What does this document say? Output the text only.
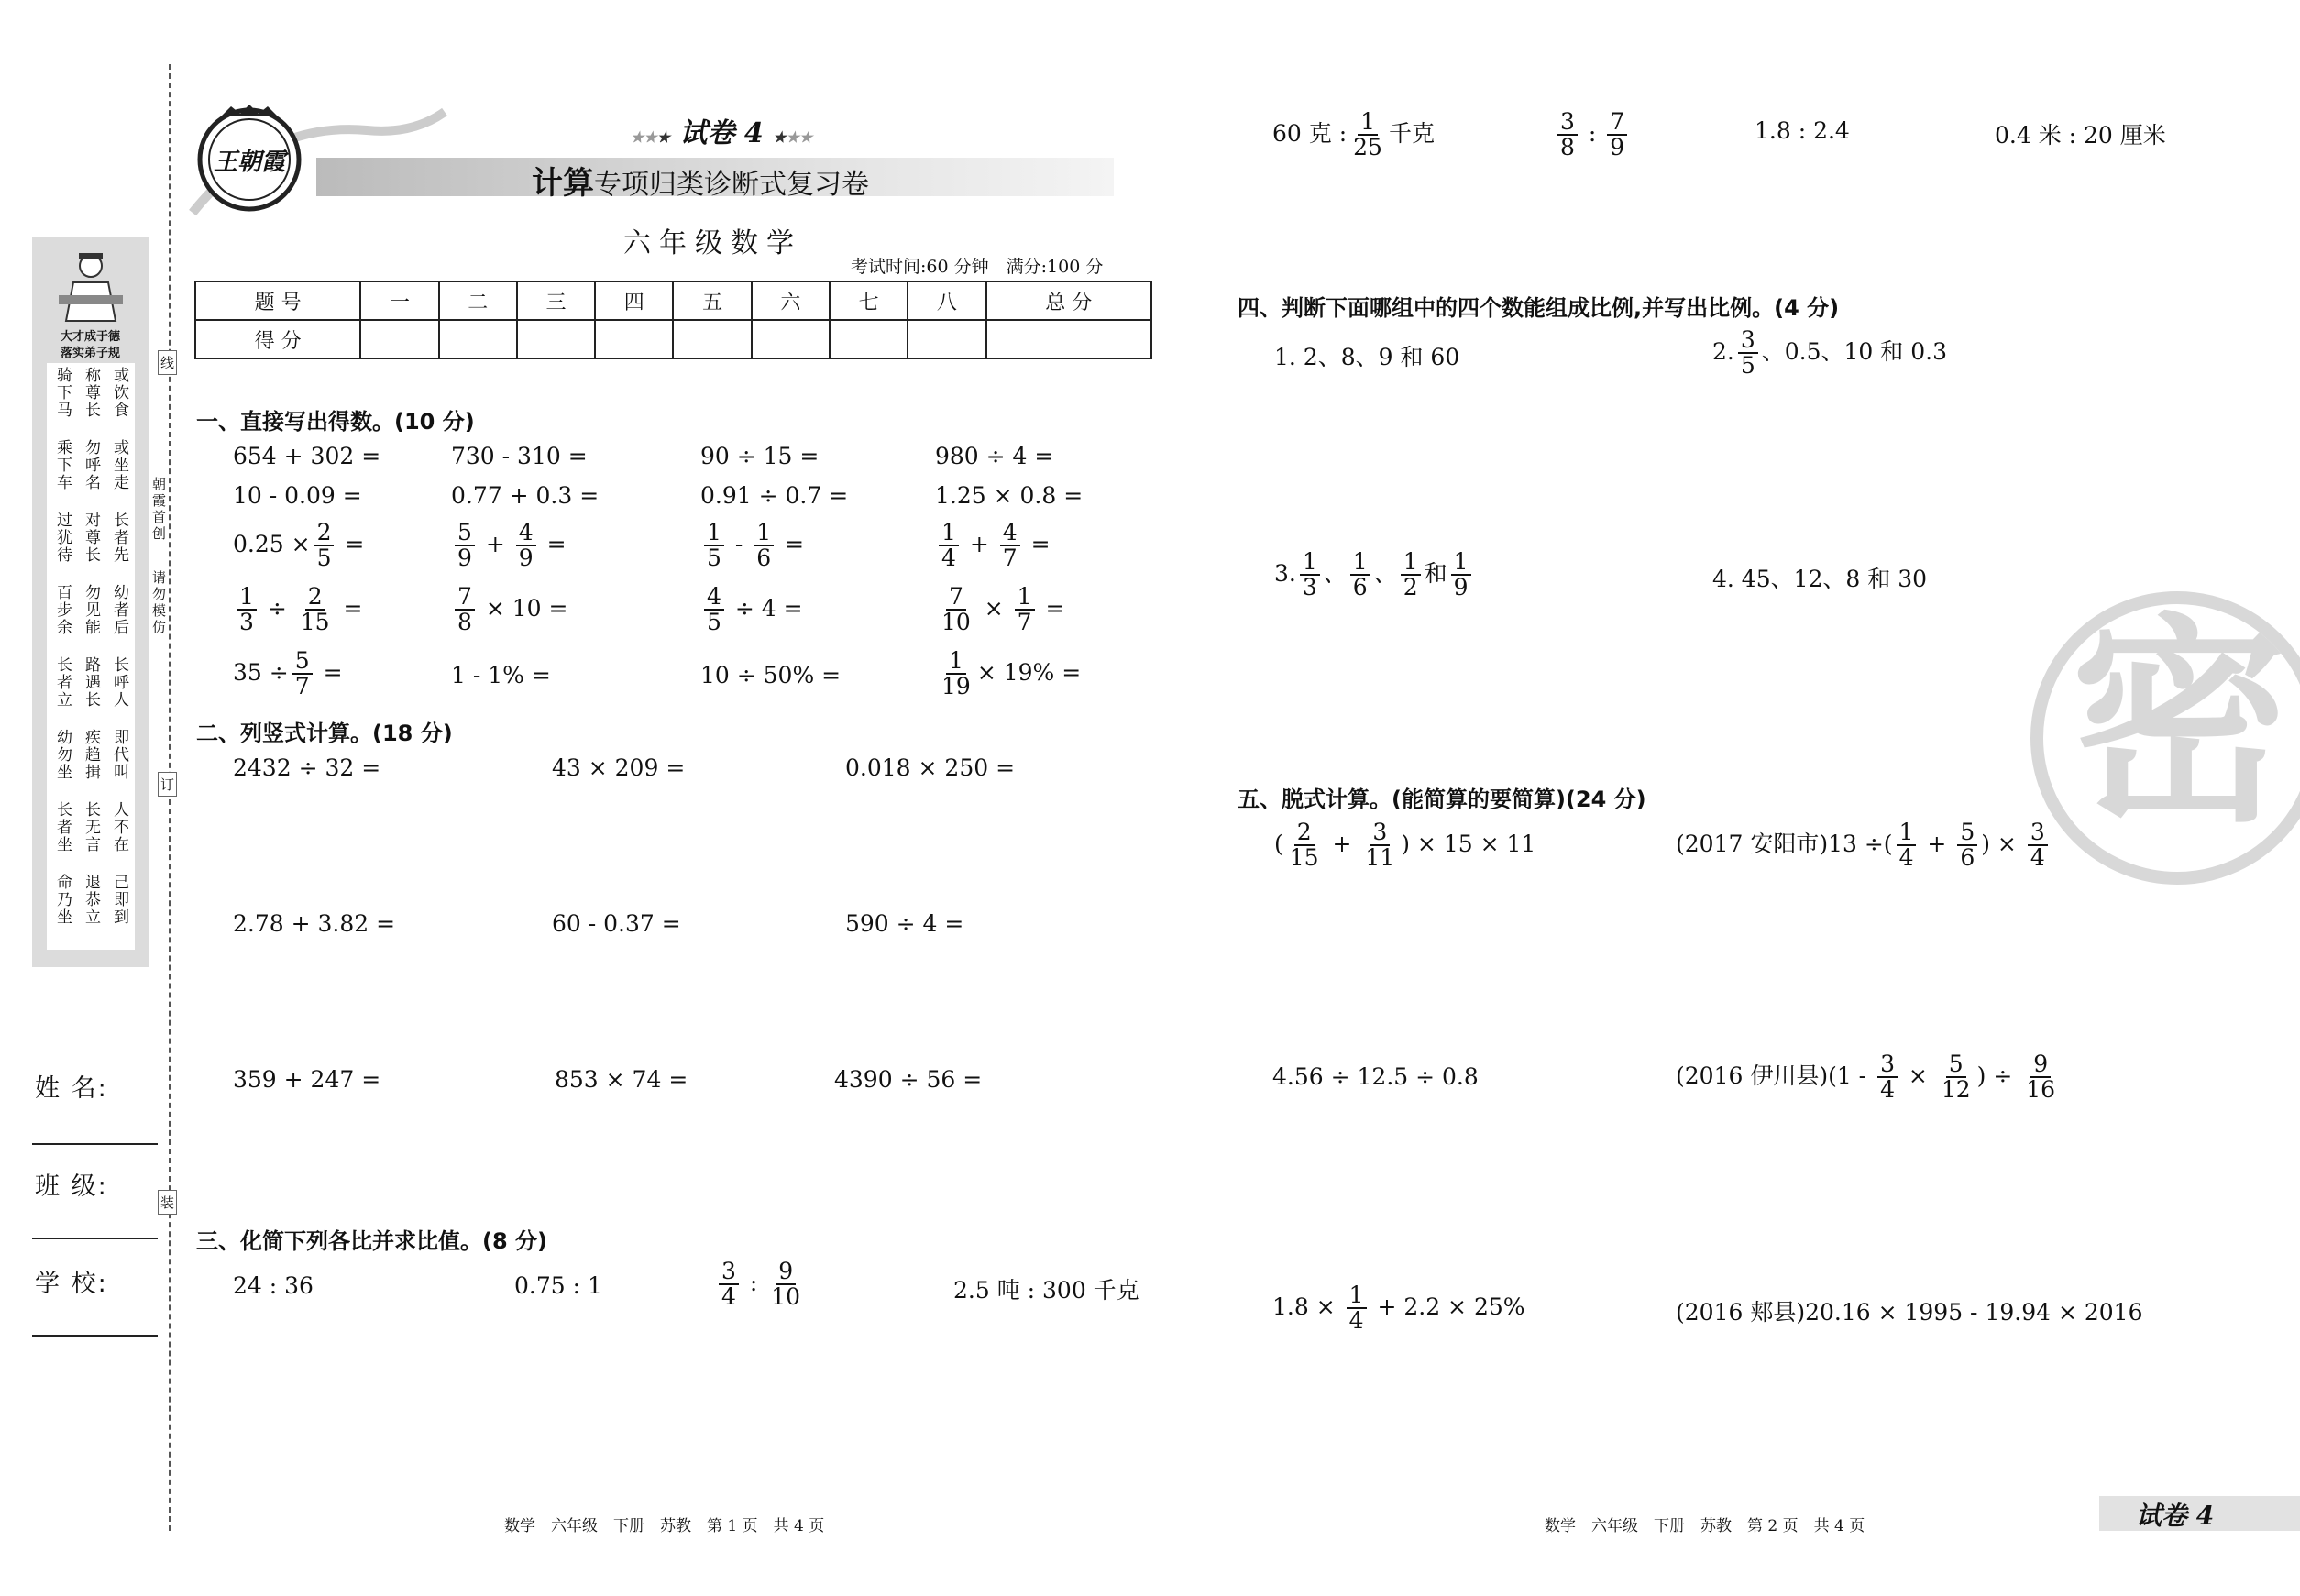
大才成于德
落实弟子规
骑下马 称尊长 或饮食
乘下车 勿呼名 或坐走
过犹待 对尊长 长者先
百步余 勿见能 幼者后
长者立 路遇长 长呼人
幼勿坐 疾趋揖 即代叫
长者坐 长无言 人不在
命乃坐 退恭立 己即到
姓 名:
班 级:
学 校:
线
订
装
朝霞首创
请勿模仿
王朝霞
★★★ 试卷 4 ★★★
计算专项归类诊断式复习卷
六年级数学
考试时间:60 分钟　满分:100 分
题 号	一	二	三	四	五	六	七	八	总 分
得 分									
一、直接写出得数。(10 分)
654 + 302 =	730 - 310 =	90 ÷ 15 =	980 ÷ 4 =
10 - 0.09 =	0.77 + 0.3 =	0.91 ÷ 0.7 =	1.25 × 0.8 =
$0.25 \times \frac{2}{5}$ =	$\frac{5}{9} + \frac{4}{9}$ =	$\frac{1}{5} - \frac{1}{6}$ =	$\frac{1}{4} + \frac{4}{7}$ =
$\frac{1}{3} \div \frac{2}{15}$ =	$\frac{7}{8} \times 10$ =	$\frac{4}{5} \div 4$ =	$\frac{7}{10} \times \frac{1}{7}$ =
$35 \div \frac{5}{7}$ =	1 - 1% =	10 ÷ 50% =	$\frac{1}{19} \times 19\%$ =
二、列竖式计算。(18 分)
2432 ÷ 32 =	43 × 209 =	0.018 × 250 =
2.78 + 3.82 =	60 - 0.37 =	590 ÷ 4 =
359 + 247 =	853 × 74 =	4390 ÷ 56 =
三、化简下列各比并求比值。(8 分)
24 : 36	0.75 : 1	$\frac{3}{4}$ : $\frac{9}{10}$	2.5 吨 : 300 千克
数学　六年级　下册　苏教　第 1 页　共 4 页
60 克 : $\frac{1}{25}$ 千克	$\frac{3}{8}$ : $\frac{7}{9}$	1.8 : 2.4	0.4 米 : 20 厘米
四、判断下面哪组中的四个数能组成比例,并写出比例。(4 分)
1. 2、8、9 和 60	2. $\frac{3}{5}$ 、0.5、10 和 0.3
3. $\frac{1}{3}$ 、 $\frac{1}{6}$ 、 $\frac{1}{2}$ 和 $\frac{1}{9}$	4. 45、12、8 和 30
密
五、脱式计算。(能简算的要简算)(24 分)
( $\frac{2}{15} + \frac{3}{11}$ ) × 15 × 11	(2017 安阳市)13 ÷( $\frac{1}{4} + \frac{5}{6}$ ) × $\frac{3}{4}$
4.56 ÷ 12.5 ÷ 0.8	(2016 伊川县)($1 - \frac{3}{4} \times \frac{5}{12}$ ) ÷ $\frac{9}{16}$
$1.8 \times \frac{1}{4} + 2.2 \times 25\%$	(2016 郏县)20.16 × 1995 - 19.94 × 2016
数学　六年级　下册　苏教　第 2 页　共 4 页	试卷 4
